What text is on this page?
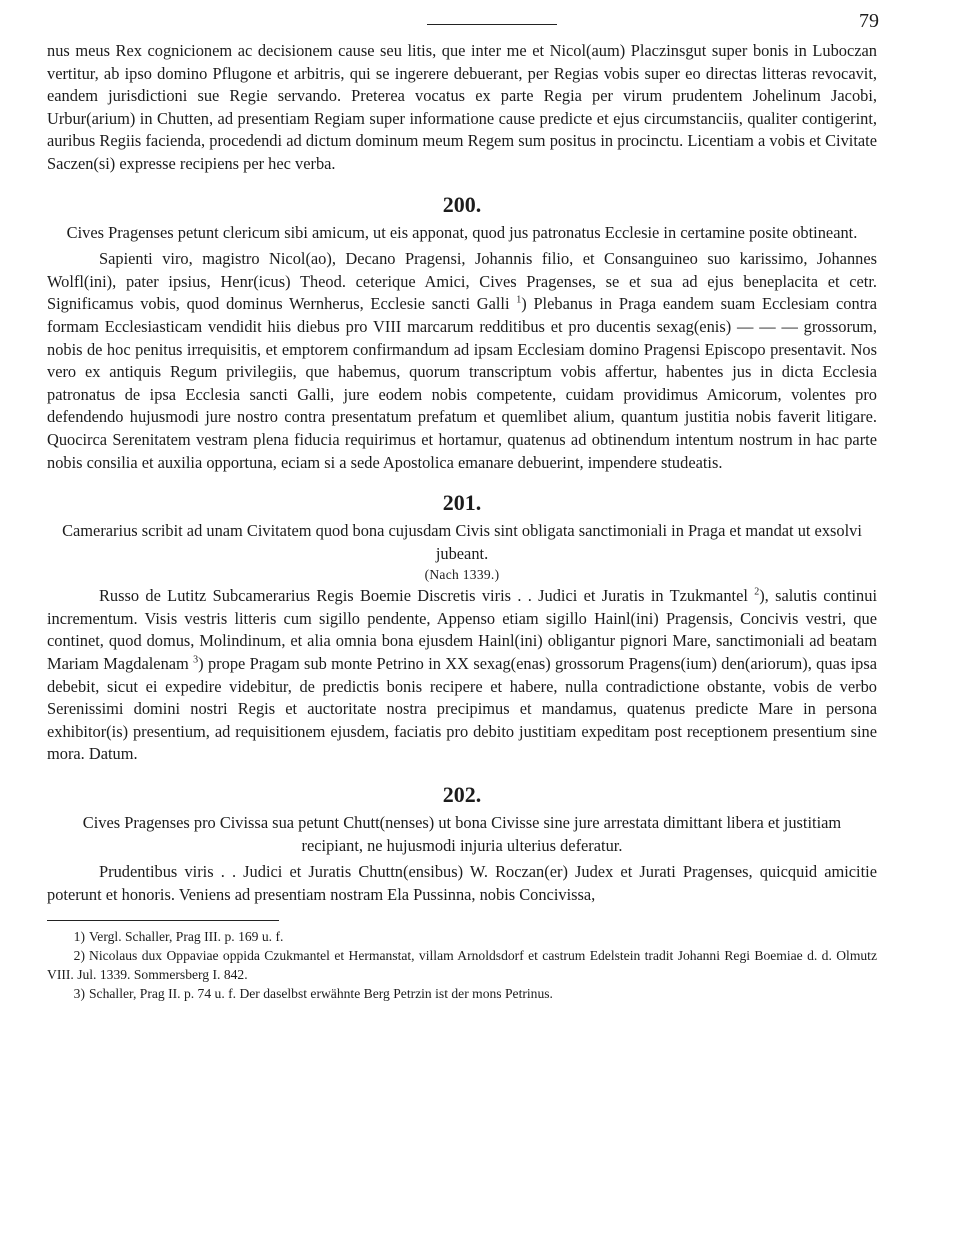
79

nus meus Rex cognicionem ac decisionem cause seu litis, que inter me et Nicol(aum) Placzinsgut super bonis in Luboczan vertitur, ab ipso domino Pflugone et arbitris, qui se ingerere debuerant, per Regias vobis super eo directas litteras revocavit, eandem jurisdictioni sue Regie servando. Preterea vocatus ex parte Regia per virum prudentem Johelinum Jacobi, Urbur(arium) in Chutten, ad presentiam Regiam super informatione cause predicte et ejus circumstanciis, qualiter contigerint, auribus Regiis facienda, procedendi ad dictum dominum meum Regem sum positus in procinctu. Licentiam a vobis et Civitate Saczen(si) expresse recipiens per hec verba.

200.
Cives Pragenses petunt clericum sibi amicum, ut eis apponat, quod jus patronatus Ecclesie in certamine posite obtineant.

Sapienti viro, magistro Nicol(ao), Decano Pragensi, Johannis filio, et Consanguineo suo karissimo, Johannes Wolfl(ini), pater ipsius, Henr(icus) Theod. ceterique Amici, Cives Pragenses, se et sua ad ejus beneplacita et cetr. Significamus vobis, quod dominus Wernherus, Ecclesie sancti Galli $^1$) Plebanus in Praga eandem suam Ecclesiam contra formam Ecclesiasticam vendidit hiis diebus pro VIII marcarum redditibus et pro ducentis sexag(enis) — — — grossorum, nobis de hoc penitus irrequisitis, et emptorem confirmandum ad ipsam Ecclesiam domino Pragensi Episcopo presentavit. Nos vero ex antiquis Regum privilegiis, que habemus, quorum transcriptum vobis affertur, habentes jus in dicta Ecclesia patronatus de ipsa Ecclesia sancti Galli, jure eodem nobis competente, cuidam providimus Amicorum, volentes pro defendendo hujusmodi jure nostro contra presentatum prefatum et quemlibet alium, quantum justitia nobis faverit litigare. Quocirca Serenitatem vestram plena fiducia requirimus et hortamur, quatenus ad obtinendum intentum nostrum in hac parte nobis consilia et auxilia opportuna, eciam si a sede Apostolica emanare debuerint, impendere studeatis.

201.
Camerarius scribit ad unam Civitatem quod bona cujusdam Civis sint obligata sanctimoniali in Praga et mandat ut exsolvi jubeant.
(Nach 1339.)

Russo de Lutitz Subcamerarius Regis Boemie Discretis viris . . Judici et Juratis in Tzukmantel $^2$), salutis continui incrementum. Visis vestris litteris cum sigillo pendente, Appenso etiam sigillo Hainl(ini) Pragensis, Concivis vestri, que continet, quod domus, Molindinum, et alia omnia bona ejusdem Hainl(ini) obligantur pignori Mare, sanctimoniali ad beatam Mariam Magdalenam $^3$) prope Pragam sub monte Petrino in XX sexag(enas) grossorum Pragens(ium) den(ariorum), quas ipsa debebit, sicut ei expedire videbitur, de predictis bonis recipere et habere, nulla contradictione obstante, vobis de verbo Serenissimi domini nostri Regis et auctoritate nostra precipimus et mandamus, quatenus predicte Mare in persona exhibitor(is) presentium, ad requisitionem ejusdem, faciatis pro debito justitiam expeditam post receptionem presentium sine mora. Datum.

202.
Cives Pragenses pro Civissa sua petunt Chutt(nenses) ut bona Civisse sine jure arrestata dimittant libera et justitiam recipiant, ne hujusmodi injuria ulterius deferatur.

Prudentibus viris . . Judici et Juratis Chuttn(ensibus) W. Roczan(er) Judex et Jurati Pragenses, quicquid amicitie poterunt et honoris. Veniens ad presentiam nostram Ela Pussinna, nobis Concivissa,

1) Vergl. Schaller, Prag III. p. 169 u. f.
2) Nicolaus dux Oppaviae oppida Czukmantel et Hermanstat, villam Arnoldsdorf et castrum Edelstein tradit Johanni Regi Boemiae d. d. Olmutz VIII. Jul. 1339. Sommersberg I. 842.
3) Schaller, Prag II. p. 74 u. f. Der daselbst erwähnte Berg Petrzin ist der mons Petrinus.
